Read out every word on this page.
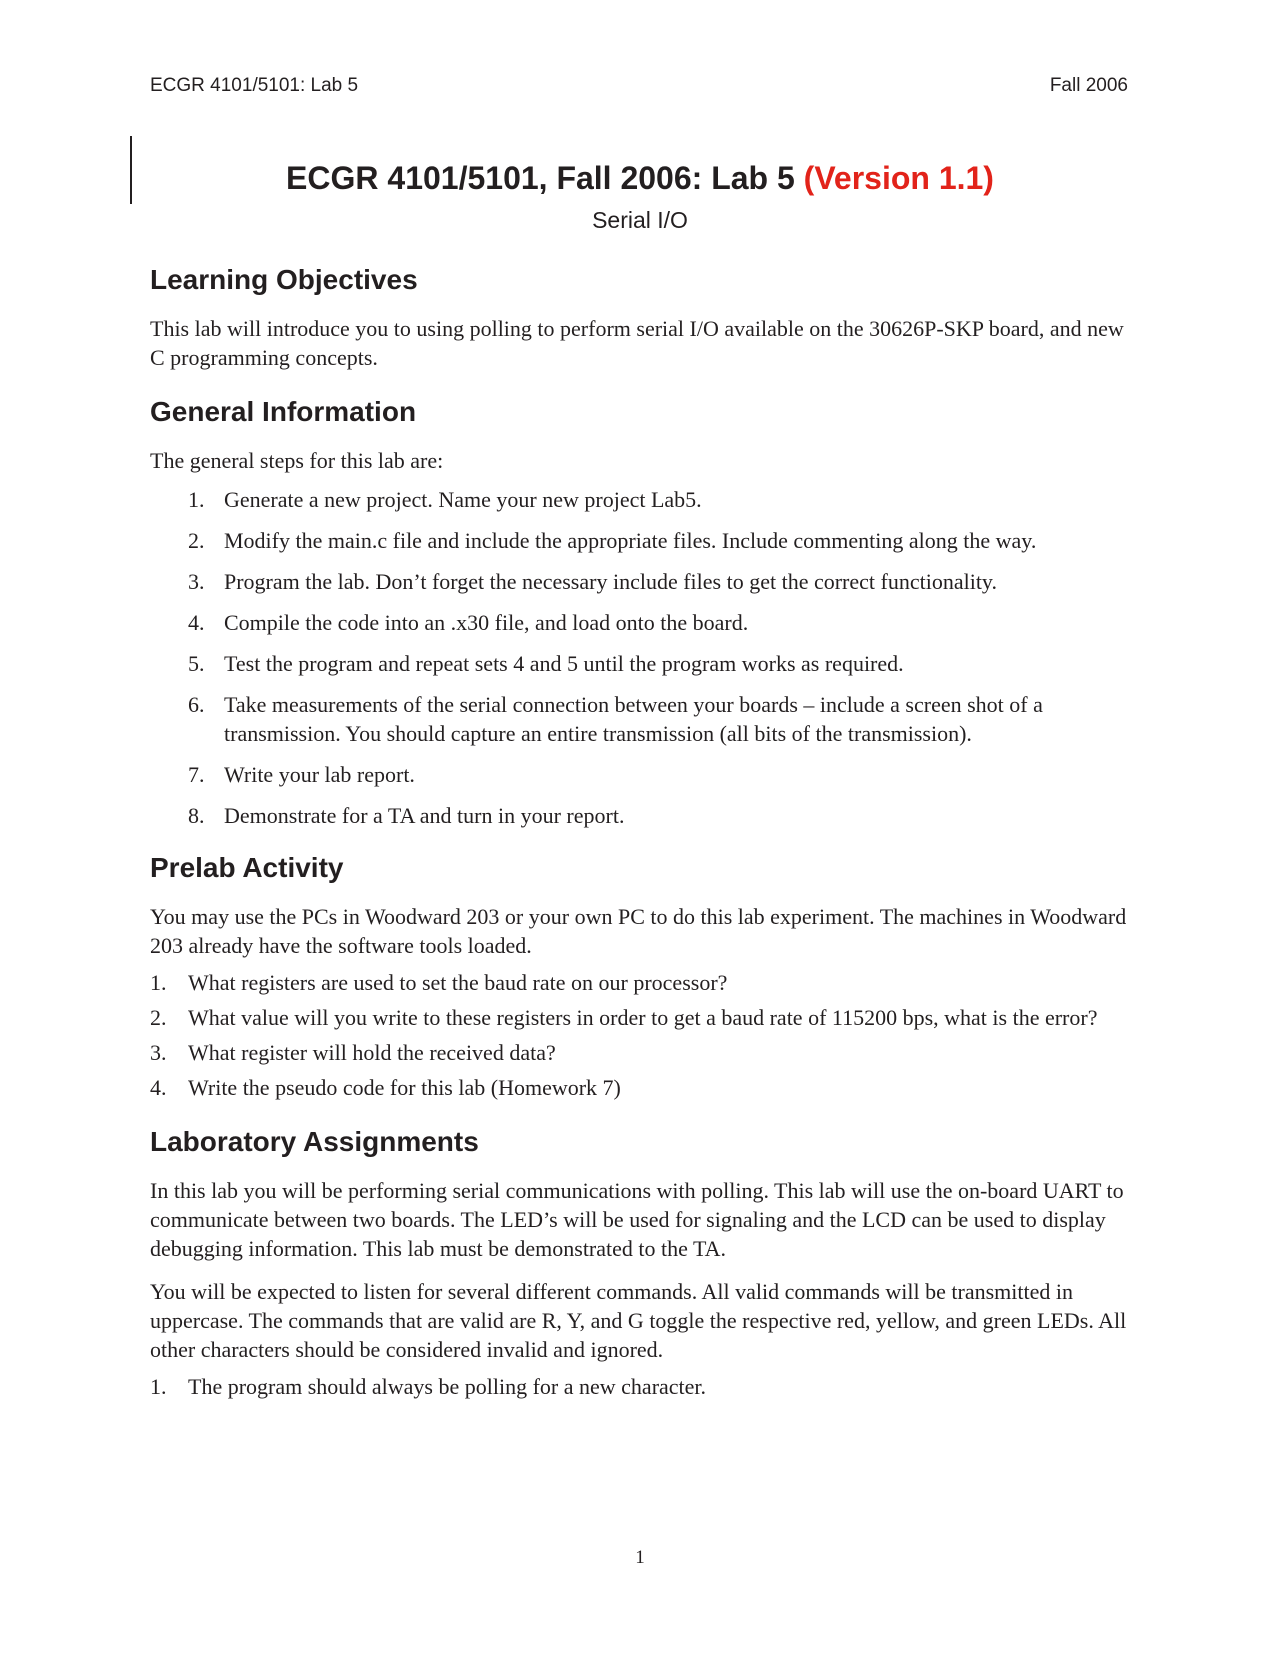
ECGR 4101/5101: Lab 5	Fall 2006
ECGR 4101/5101, Fall 2006: Lab 5 (Version 1.1)
Serial I/O
Learning Objectives

This lab will introduce you to using polling to perform serial I/O available on the 30626P-SKP board, and new C programming concepts.

General Information

The general steps for this lab are:

1. Generate a new project. Name your new project Lab5.
2. Modify the main.c file and include the appropriate files. Include commenting along the way.
3. Program the lab. Don’t forget the necessary include files to get the correct functionality.
4. Compile the code into an .x30 file, and load onto the board.
5. Test the program and repeat sets 4 and 5 until the program works as required.
6. Take measurements of the serial connection between your boards – include a screen shot of a transmission. You should capture an entire transmission (all bits of the transmission).
7. Write your lab report.
8. Demonstrate for a TA and turn in your report.
Prelab Activity

You may use the PCs in Woodward 203 or your own PC to do this lab experiment. The machines in Woodward 203 already have the software tools loaded.

1. What registers are used to set the baud rate on our processor?
2. What value will you write to these registers in order to get a baud rate of 115200 bps, what is the error?
3. What register will hold the received data?
4. Write the pseudo code for this lab (Homework 7)
Laboratory Assignments

In this lab you will be performing serial communications with polling. This lab will use the on-board UART to communicate between two boards. The LED’s will be used for signaling and the LCD can be used to display debugging information. This lab must be demonstrated to the TA.

You will be expected to listen for several different commands. All valid commands will be transmitted in uppercase. The commands that are valid are R, Y, and G toggle the respective red, yellow, and green LEDs. All other characters should be considered invalid and ignored.

1. The program should always be polling for a new character.
1
